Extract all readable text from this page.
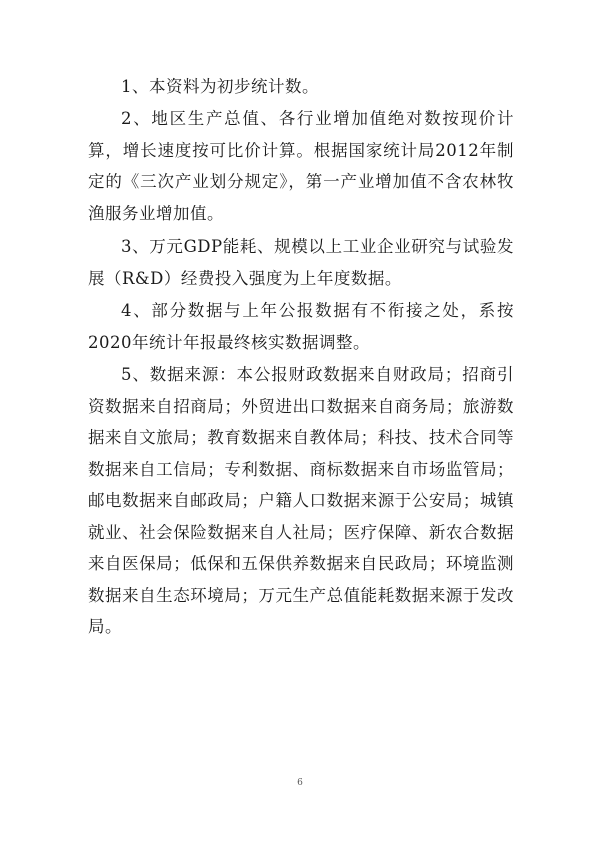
1、本资料为初步统计数。

2、地区生产总值、各行业增加值绝对数按现价计算，增长速度按可比价计算。根据国家统计局2012年制定的《三次产业划分规定》，第一产业增加值不含农林牧渔服务业增加值。

3、万元GDP能耗、规模以上工业企业研究与试验发展（R&D）经费投入强度为上年度数据。

4、部分数据与上年公报数据有不衔接之处，系按2020年统计年报最终核实数据调整。

5、数据来源：本公报财政数据来自财政局；招商引资数据来自招商局；外贸进出口数据来自商务局；旅游数据来自文旅局；教育数据来自教体局；科技、技术合同等数据来自工信局；专利数据、商标数据来自市场监管局；邮电数据来自邮政局；户籍人口数据来源于公安局；城镇就业、社会保险数据来自人社局；医疗保障、新农合数据来自医保局；低保和五保供养数据来自民政局；环境监测数据来自生态环境局；万元生产总值能耗数据来源于发改局。

6
